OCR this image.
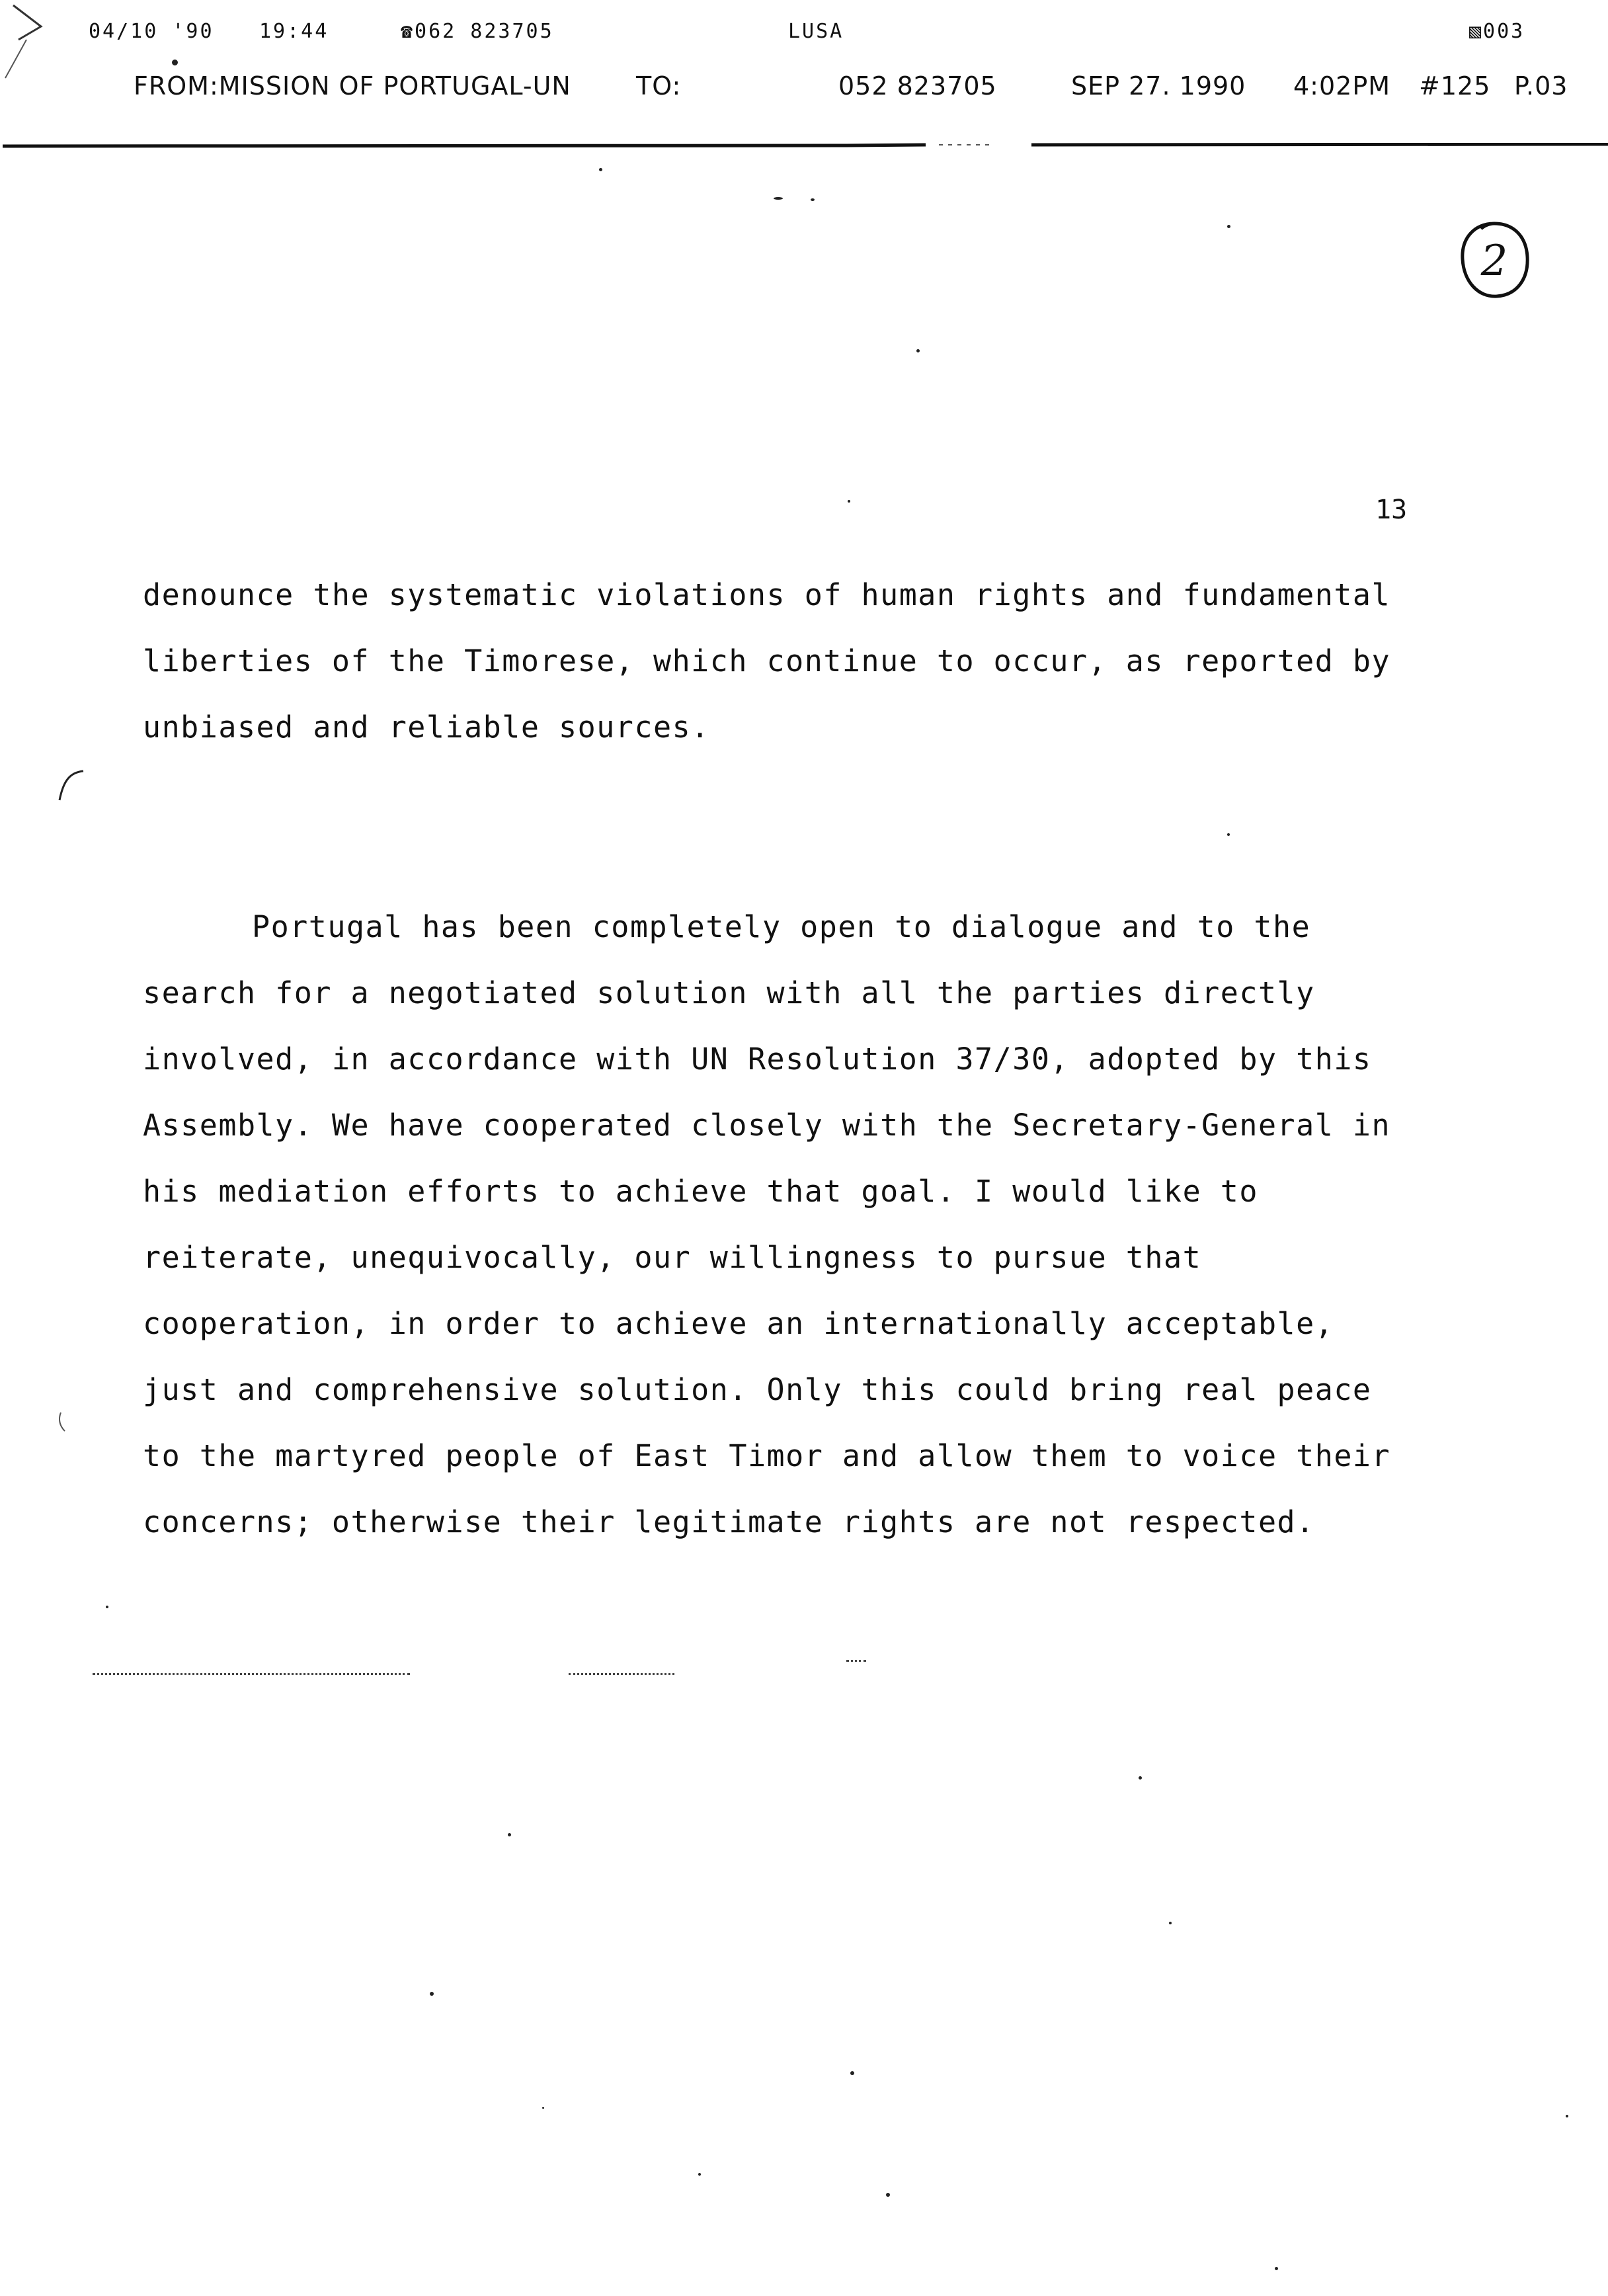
04/10 '90 19:44	☎062 823705	LUSA	▧003
FROM:MISSION OF PORTUGAL-UN	TO:	052 823705	SEP 27. 1990 4:02PM #125 P.03
2
13
denounce the systematic violations of human rights and fundamental
liberties of the Timorese, which continue to occur, as reported by
unbiased and reliable sources.
Portugal has been completely open to dialogue and to the
search for a negotiated solution with all the parties directly
involved, in accordance with UN Resolution 37/30, adopted by this
Assembly. We have cooperated closely with the Secretary-General in
his mediation efforts to achieve that goal. I would like to
reiterate, unequivocally, our willingness to pursue that
cooperation, in order to achieve an internationally acceptable,
just and comprehensive solution. Only this could bring real peace
to the martyred people of East Timor and allow them to voice their
concerns; otherwise their legitimate rights are not respected.
